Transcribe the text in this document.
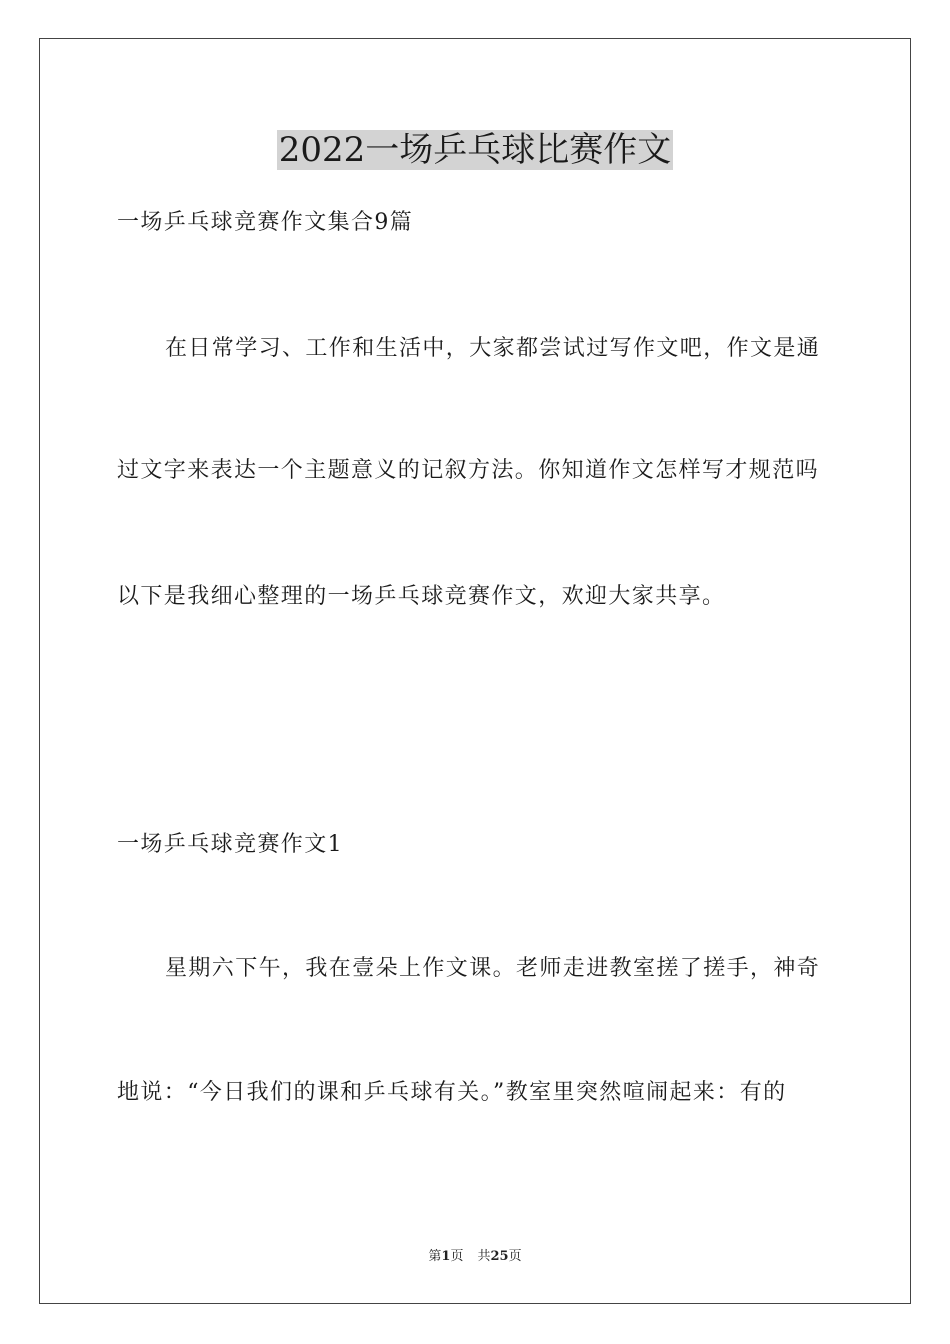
2022一场乒乓球比赛作文
一场乒乓球竞赛作文集合9篇
在日常学习、工作和生活中，大家都尝试过写作文吧，作文是通
过文字来表达一个主题意义的记叙方法。你知道作文怎样写才规范吗
以下是我细心整理的一场乒乓球竞赛作文，欢迎大家共享。
一场乒乓球竞赛作文1
星期六下午，我在壹朵上作文课。老师走进教室搓了搓手，神奇
地说：“今日我们的课和乒乓球有关。”教室里突然喧闹起来：有的
第1页 共25页
